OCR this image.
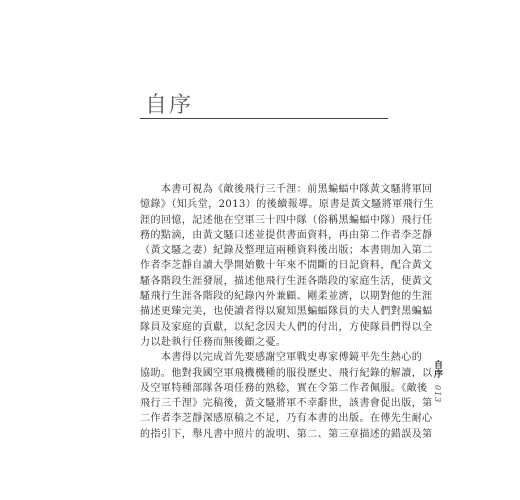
自序
　　本書可視為《敵後飛行三千浬：前黑蝙蝠中隊黃文騷將軍回
憶錄》（知兵堂，2013）的後續報導。原書是黃文騷將軍飛行生
涯的回憶，記述他在空軍三十四中隊（俗稱黑蝙蝠中隊）飛行任
務的點滴，由黃文騷口述並提供書面資料，再由第二作者李芝靜
（黃文騷之妻）紀錄及整理這兩種資料後出版；本書則加入第二
作者李芝靜自讀大學開始數十年來不間斷的日記資料，配合黃文
騷各階段生涯發展，描述他飛行生涯各階段的家庭生活，使黃文
騷飛行生涯各階段的紀錄內外兼顧、剛柔並濟，以期對他的生涯
描述更臻完美，也使讀者得以窺知黑蝙蝠隊員的夫人們對黑蝙蝠
隊員及家庭的貢獻，以紀念因夫人們的付出，方使隊員們得以全
力以赴執行任務而無後顧之憂。
　　本書得以完成首先要感謝空軍戰史專家傅鏡平先生熱心的
協助。他對我國空軍飛機機種的服役歷史、飛行紀錄的解讀，以
及空軍特種部隊各項任務的熟稔，實在令第二作者佩服。《敵後
飛行三千浬》完稿後，黃文騷將軍不幸辭世，該書會促出版，第
二作者李芝靜深感原稿之不足，乃有本書的出版。在傅先生耐心
的指引下，舉凡書中照片的說明、第二、第三章描述的錯誤及第
自序
013
